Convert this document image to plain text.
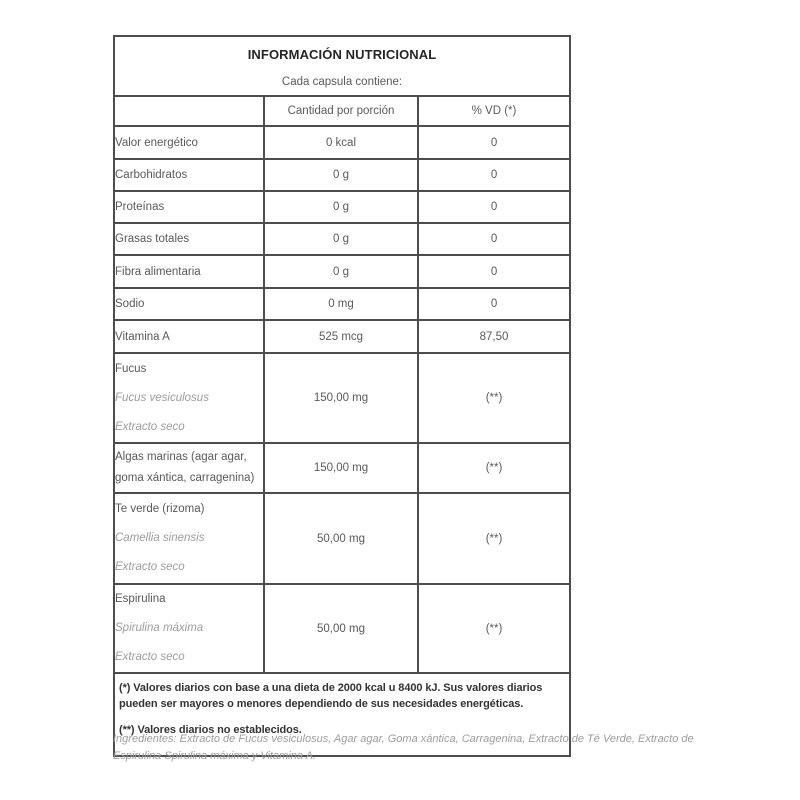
INFORMACIÓN NUTRICIONAL
Cada capsula contiene:		

	Cantidad por porción	% VD (*)
Valor energético	0 kcal	0
Carbohidratos	0 g	0
Proteínas	0 g	0
Grasas totales	0 g	0
Fibra alimentaria	0 g	0
Sodio	0 mg	0
Vitamina A	525 mcg	87,50

Fucus
Fucus vesiculosus
Extracto seco	150,00 mg	(**)
Algas marinas (agar agar, goma xántica, carragenina)	150,00 mg	(**)

Te verde (rizoma)
Camellia sinensis
Extracto seco	50,00 mg	(**)

Espirulina
Spirulina máxima
Extracto seco	50,00 mg	(**)

(*) Valores diarios con base a una dieta de 2000 kcal u 8400 kJ. Sus valores diarios pueden ser mayores o menores dependiendo de sus necesidades energéticas.

(**) Valores diarios no establecidos.		

Ingredientes: Extracto de Fucus vesiculosus, Agar agar, Goma xántica, Carragenina, Extracto de Té Verde, Extracto de Espirulina Spirulina máxima y Vitamina A.
